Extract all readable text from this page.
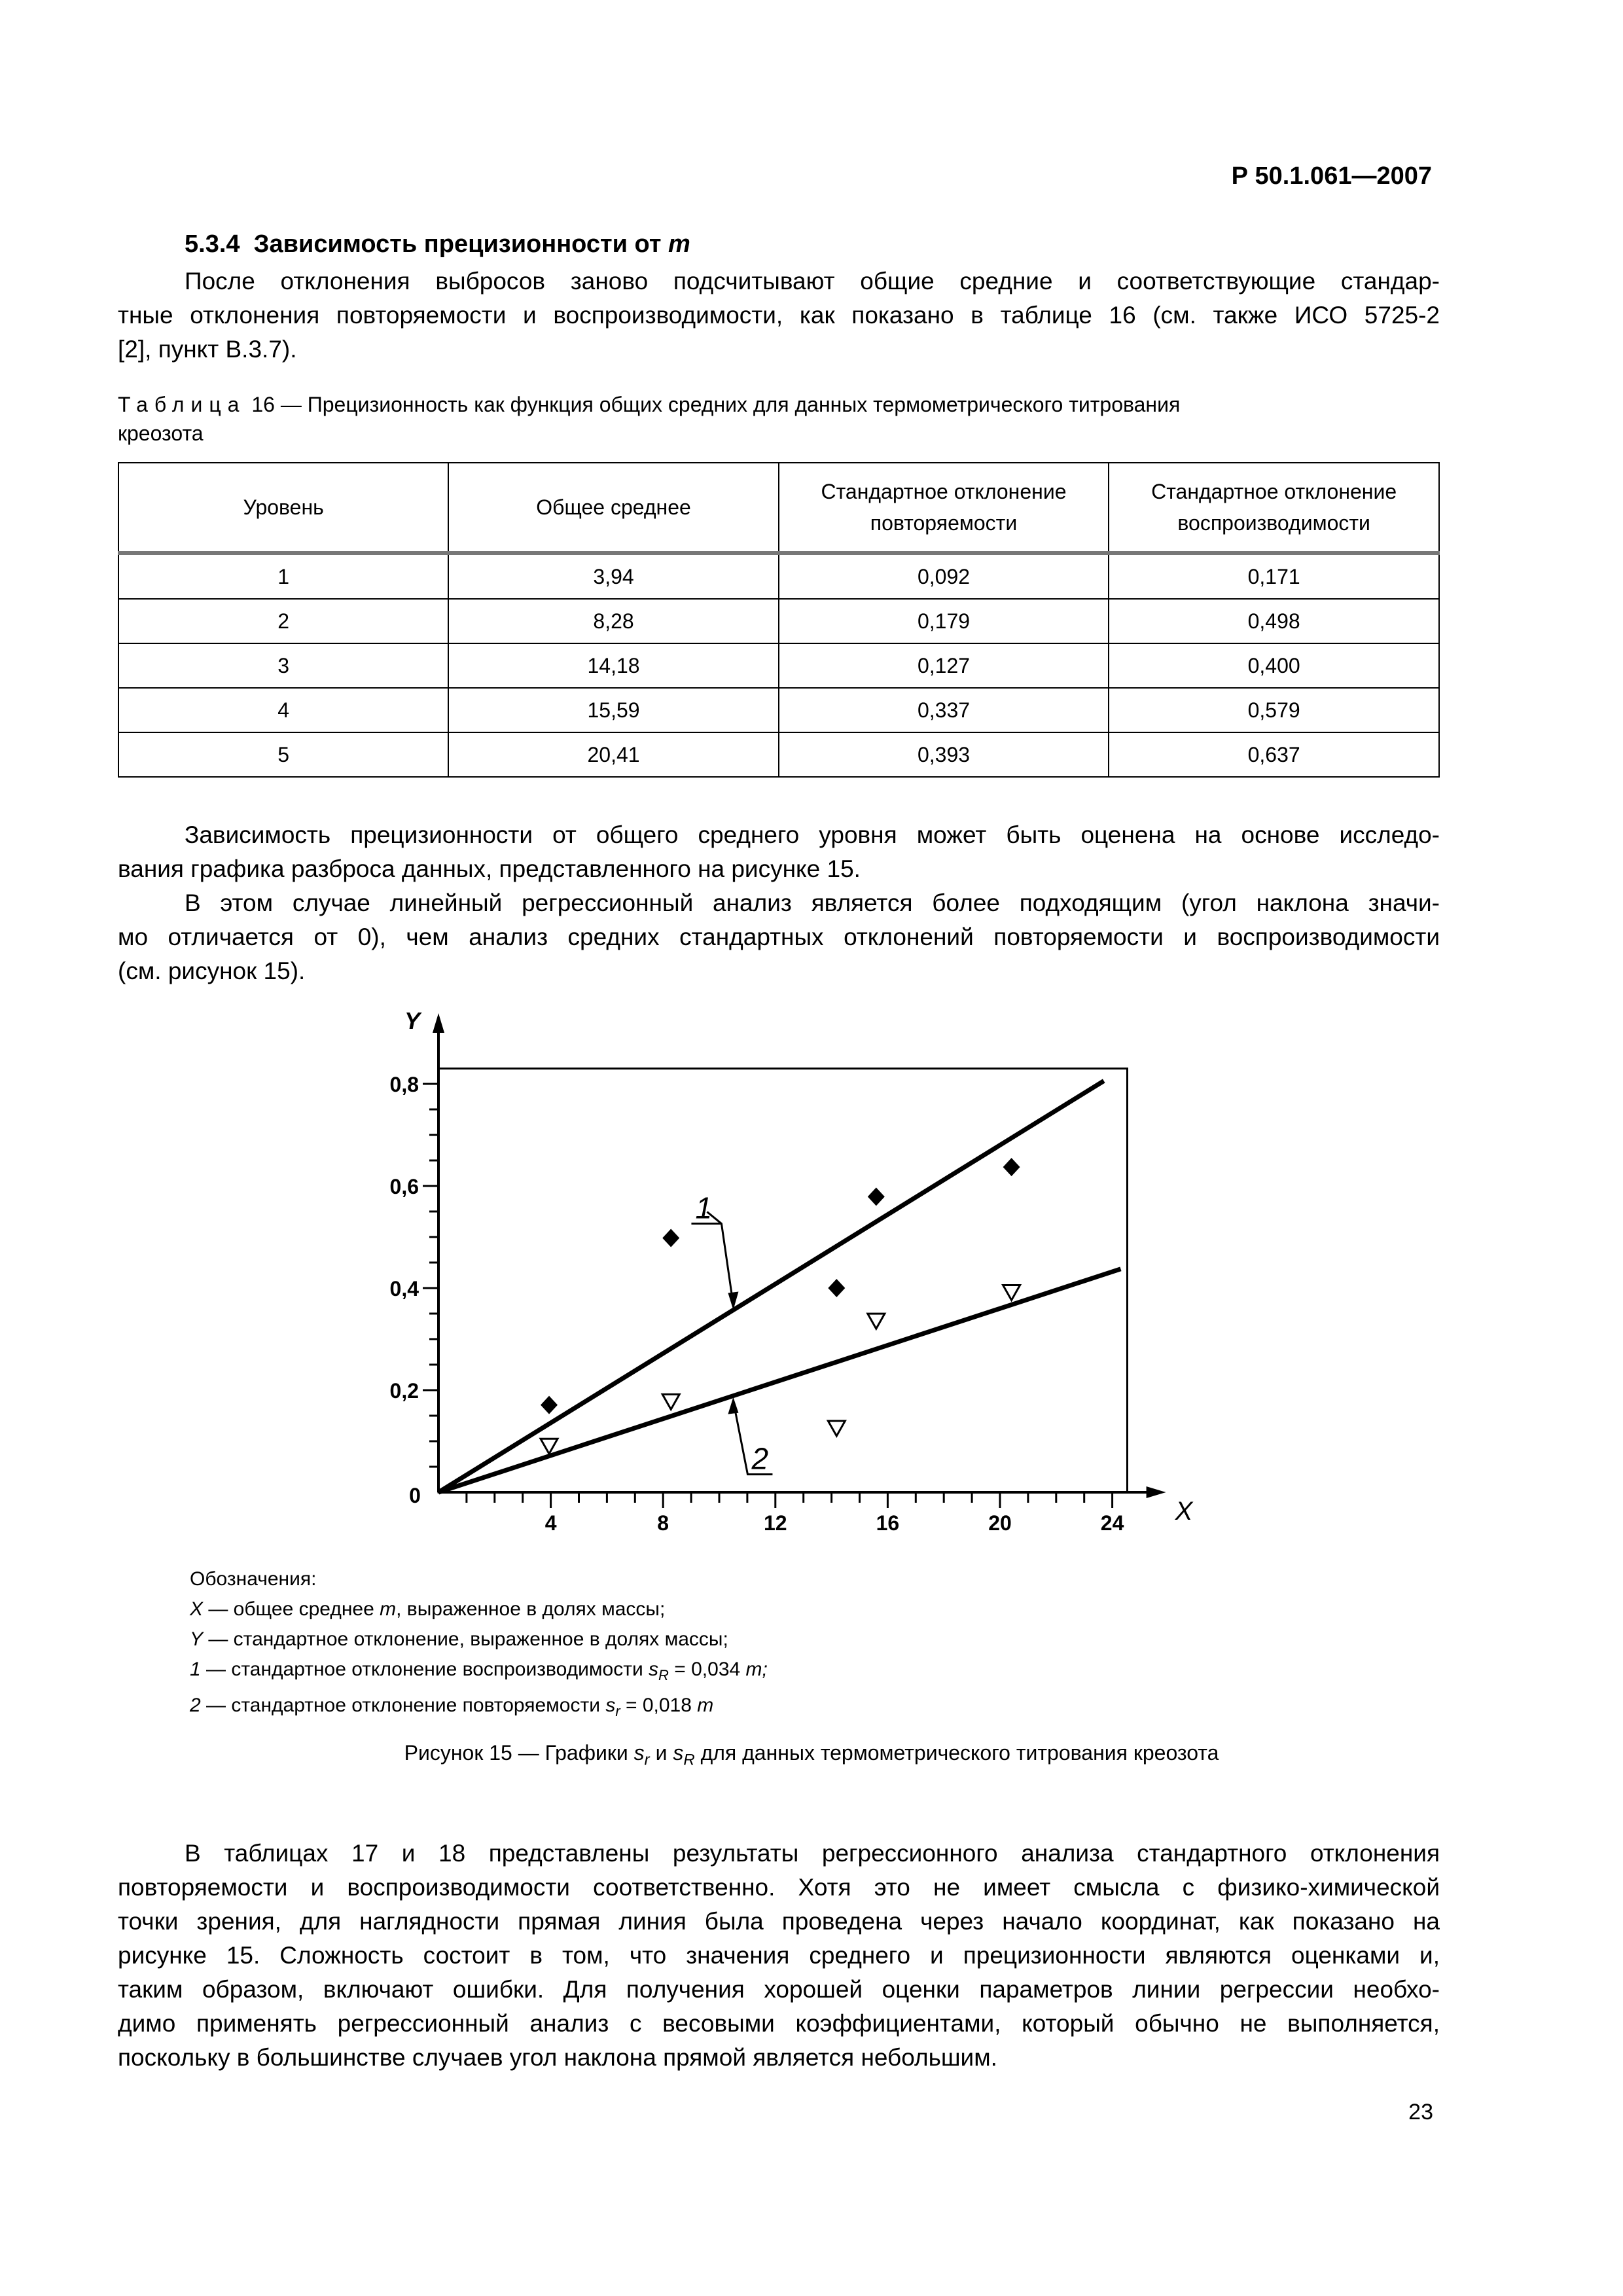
Р 50.1.061—2007
5.3.4 Зависимость прецизионности от m
После отклонения выбросов заново подсчитывают общие средние и соответствующие стандар-
тные отклонения повторяемости и воспроизводимости, как показано в таблице 16 (см. также ИСО 5725-2
[2], пункт В.3.7).
Таблица 16 — Прецизионность как функция общих средних для данных термометрического титрования
креозота
Уровень	Общее среднее	Стандартное отклонение повторяемости	Стандартное отклонение воспроизводимости
1	3,94	0,092	0,171
2	8,28	0,179	0,498
3	14,18	0,127	0,400
4	15,59	0,337	0,579
5	20,41	0,393	0,637
Зависимость прецизионности от общего среднего уровня может быть оценена на основе исследо-
вания графика разброса данных, представленного на рисунке 15.
В этом случае линейный регрессионный анализ является более подходящим (угол наклона значи-
мо отличается от 0), чем анализ средних стандартных отклонений повторяемости и воспроизводимости
(см. рисунок 15).
4	8	12	16	20	24
0
0,2
0,4
0,6
0,8
X
Y
1
2
Обозначения:
X — общее среднее m, выраженное в долях массы;
Y — стандартное отклонение, выраженное в долях массы;
1 — стандартное отклонение воспроизводимости $s_R = 0,034$ m;
2 — стандартное отклонение повторяемости $s_r = 0,018$ m
Рисунок 15 — Графики $s_r$ и $s_R$ для данных термометрического титрования креозота
В таблицах 17 и 18 представлены результаты регрессионного анализа стандартного отклонения
повторяемости и воспроизводимости соответственно. Хотя это не имеет смысла с физико-химической
точки зрения, для наглядности прямая линия была проведена через начало координат, как показано на
рисунке 15. Сложность состоит в том, что значения среднего и прецизионности являются оценками и,
таким образом, включают ошибки. Для получения хорошей оценки параметров линии регрессии необхо-
димо применять регрессионный анализ с весовыми коэффициентами, который обычно не выполняется,
поскольку в большинстве случаев угол наклона прямой является небольшим.
23
